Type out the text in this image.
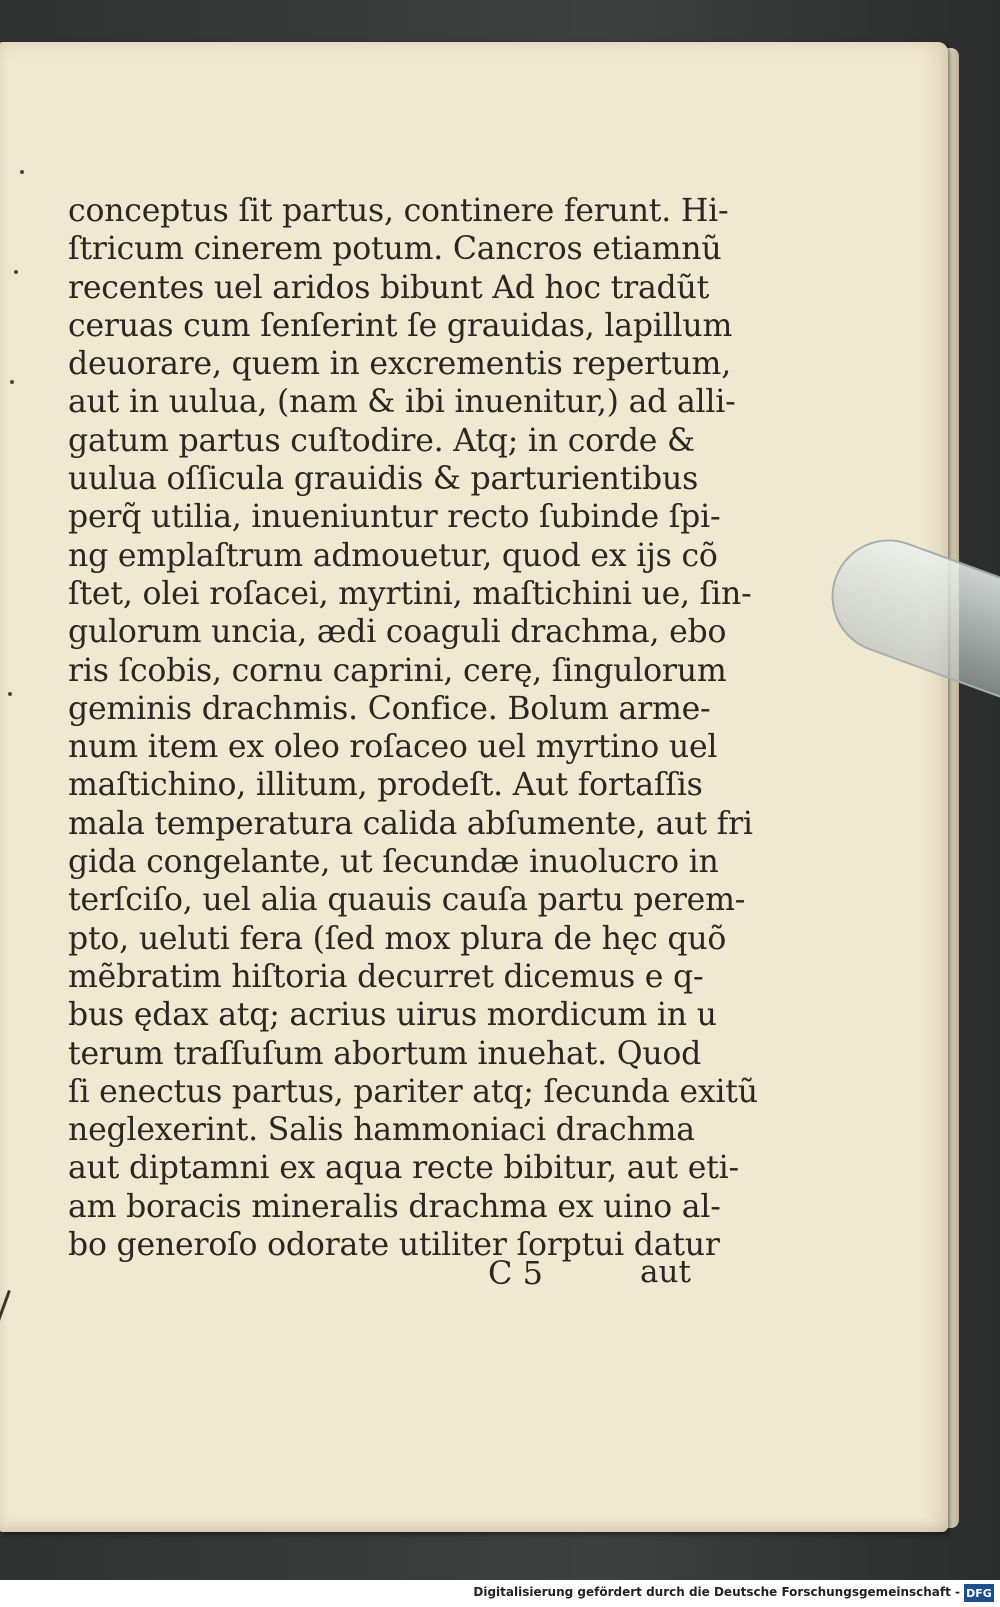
conceptus ſit partus, continere ferunt. Hi-
ſtricum cinerem potum. Cancros etiamnũ
recentes uel aridos bibunt Ad hoc tradũt
ceruas cum ſenſerint ſe grauidas, lapillum
deuorare, quem in excrementis repertum,
aut in uulua, (nam & ibi inuenitur,) ad alli-
gatum partus cuſtodire. Atq; in corde &
uulua oſſicula grauidis & parturientibus
perq̃ utilia, inueniuntur recto ſubinde ſpi-
ng emplaſtrum admouetur, quod ex ijs cõ
ſtet, olei roſacei, myrtini, maſtichini ue, ſin-
gulorum uncia, ædi coaguli drachma, ebo
ris ſcobis, cornu caprini, cerę, ſingulorum
geminis drachmis. Confice. Bolum arme-
num item ex oleo roſaceo uel myrtino uel
maſtichino, illitum, prodeſt. Aut fortaſſis
mala temperatura calida abſumente, aut fri
gida congelante, ut ſecundæ inuolucro in
terſciſo, uel alia quauis cauſa partu perem-
pto, ueluti fera (ſed mox plura de hęc quõ
mẽbratim hiſtoria decurret dicemus e q-
bus ędax atq; acrius uirus mordicum in u
terum traſſuſum abortum inuehat. Quod
ſi enectus partus, pariter atq; ſecunda exitũ
neglexerint. Salis hammoniaci drachma
aut diptamni ex aqua recte bibitur, aut eti-
am boracis mineralis drachma ex uino al-
bo generoſo odorate utiliter ſorptui datur
C 5	aut
Digitalisierung gefördert durch die Deutsche Forschungsgemeinschaft - DFG
